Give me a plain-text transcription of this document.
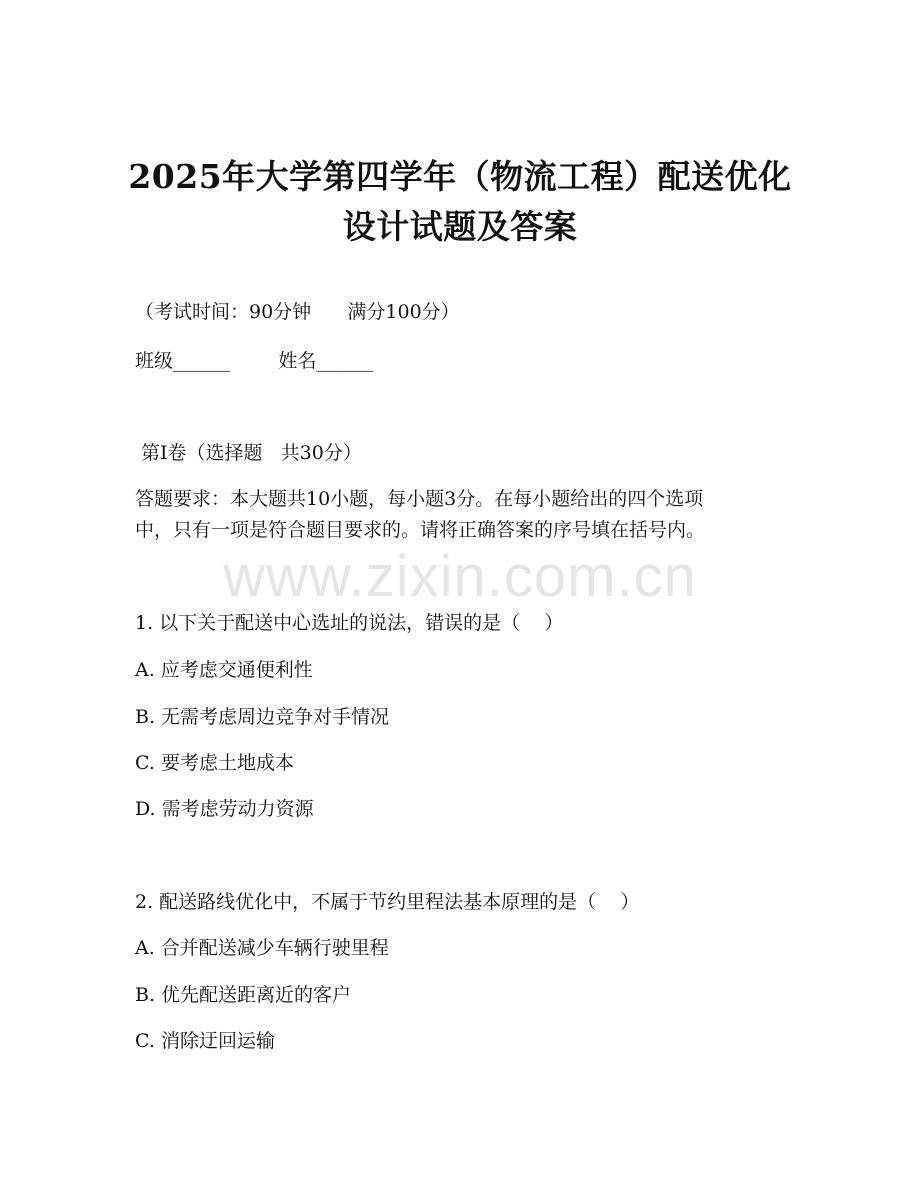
2025年大学第四学年（物流工程）配送优化
设计试题及答案
（考试时间：90分钟      满分100分）
班级______        姓名______
第I卷（选择题   共30分）
答题要求：本大题共10小题，每小题3分。在每小题给出的四个选项
中，只有一项是符合题目要求的。请将正确答案的序号填在括号内。
www.zixin.com.cn
1. 以下关于配送中心选址的说法，错误的是（    ）
A. 应考虑交通便利性
B. 无需考虑周边竞争对手情况
C. 要考虑土地成本
D. 需考虑劳动力资源
2. 配送路线优化中，不属于节约里程法基本原理的是（    ）
A. 合并配送减少车辆行驶里程
B. 优先配送距离近的客户
C. 消除迂回运输
